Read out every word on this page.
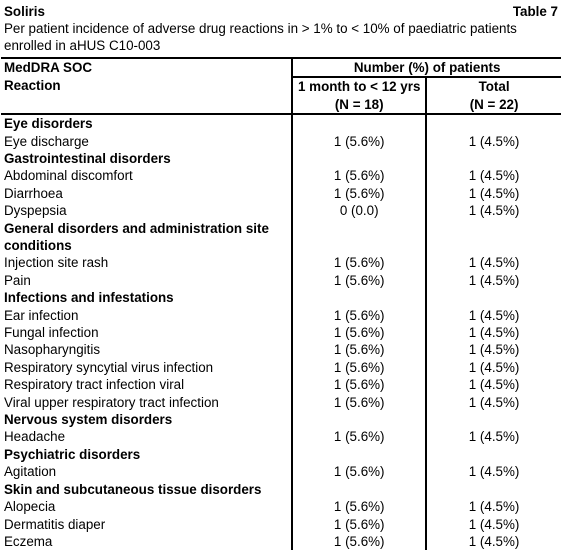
Soliris	Table 7
Per patient incidence of adverse drug reactions in > 1% to < 10% of paediatric patients
enrolled in aHUS C10-003
MedDRA SOC	Number (%) of patients	
Reaction	1 month to < 12 yrs	Total
	(N = 18)	(N = 22)
Eye disorders		
Eye discharge	1 (5.6%)	1 (4.5%)
Gastrointestinal disorders		
Abdominal discomfort	1 (5.6%)	1 (4.5%)
Diarrhoea	1 (5.6%)	1 (4.5%)
Dyspepsia	0 (0.0)	1 (4.5%)
General disorders and administration site		
conditions		
Injection site rash	1 (5.6%)	1 (4.5%)
Pain	1 (5.6%)	1 (4.5%)
Infections and infestations		
Ear infection	1 (5.6%)	1 (4.5%)
Fungal infection	1 (5.6%)	1 (4.5%)
Nasopharyngitis	1 (5.6%)	1 (4.5%)
Respiratory syncytial virus infection	1 (5.6%)	1 (4.5%)
Respiratory tract infection viral	1 (5.6%)	1 (4.5%)
Viral upper respiratory tract infection	1 (5.6%)	1 (4.5%)
Nervous system disorders		
Headache	1 (5.6%)	1 (4.5%)
Psychiatric disorders		
Agitation	1 (5.6%)	1 (4.5%)
Skin and subcutaneous tissue disorders		
Alopecia	1 (5.6%)	1 (4.5%)
Dermatitis diaper	1 (5.6%)	1 (4.5%)
Eczema	1 (5.6%)	1 (4.5%)
